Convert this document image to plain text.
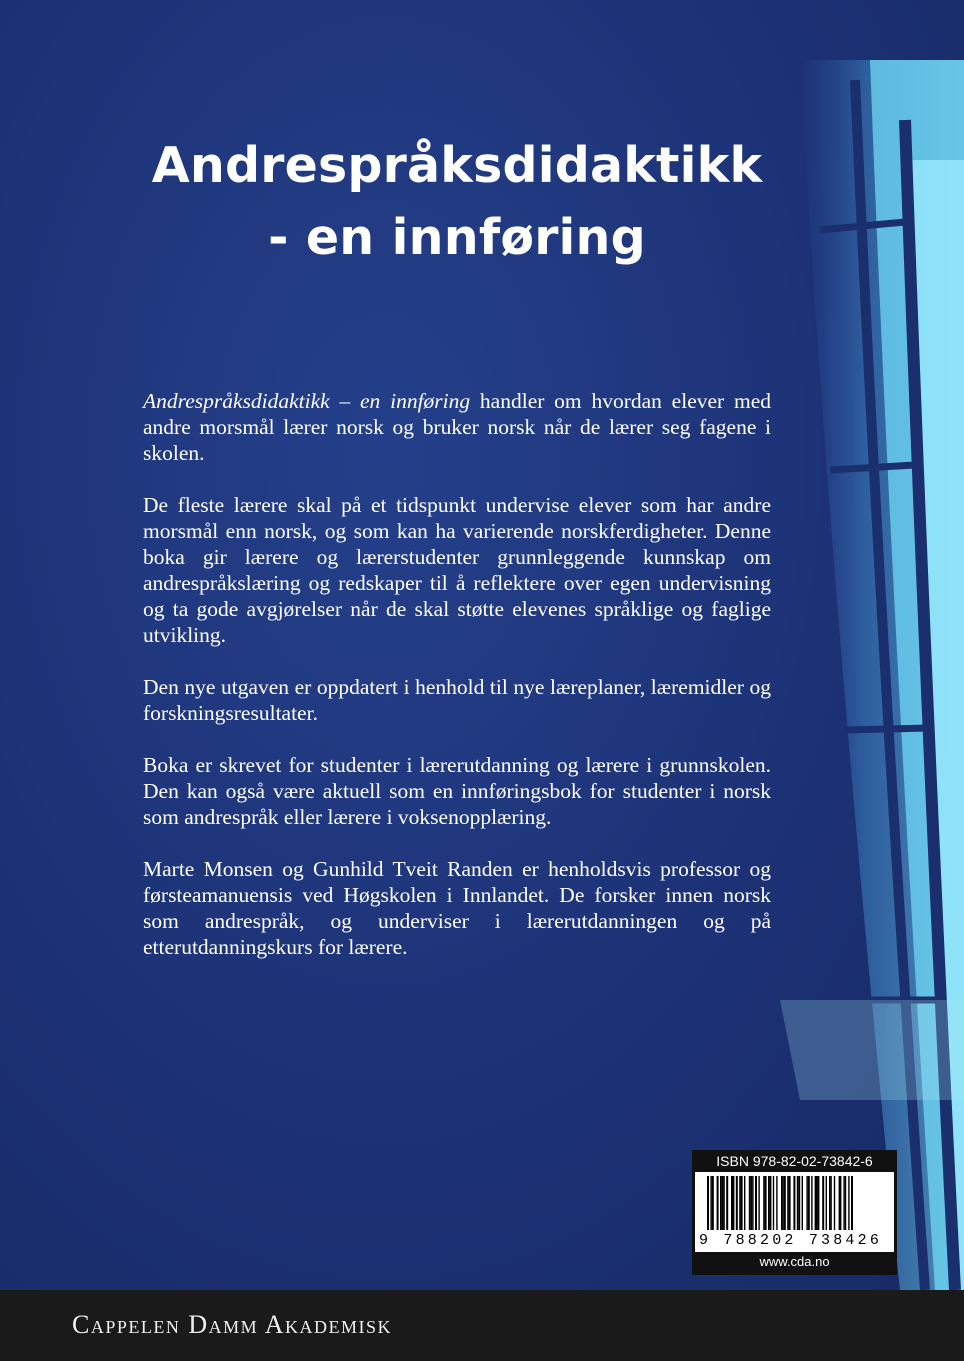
Andrespråksdidaktikk
- en innføring

Andrespråksdidaktikk – en innføring handler om hvordan elever med andre morsmål lærer norsk og bruker norsk når de lærer seg fagene i skolen.

De fleste lærere skal på et tidspunkt undervise elever som har andre morsmål enn norsk, og som kan ha varierende norskferdigheter. Denne boka gir lærere og lærerstudenter grunnleggende kunnskap om andrespråkslæring og redskaper til å reflektere over egen undervisning og ta gode avgjørelser når de skal støtte elevenes språklige og faglige utvikling.

Den nye utgaven er oppdatert i henhold til nye læreplaner, læremidler og forskningsresultater.

Boka er skrevet for studenter i lærerutdanning og lærere i grunnskolen. Den kan også være aktuell som en innføringsbok for studenter i norsk som andrespråk eller lærere i voksenopplæring.

Marte Monsen og Gunhild Tveit Randen er henholdsvis professor og førsteamanuensis ved Høgskolen i Innlandet. De forsker innen norsk som andrespråk, og underviser i lærerutdanningen og på etterutdanningskurs for lærere.

ISBN 978-82-02-73842-6
9 788202 738426
www.cda.no
Cappelen Damm Akademisk
